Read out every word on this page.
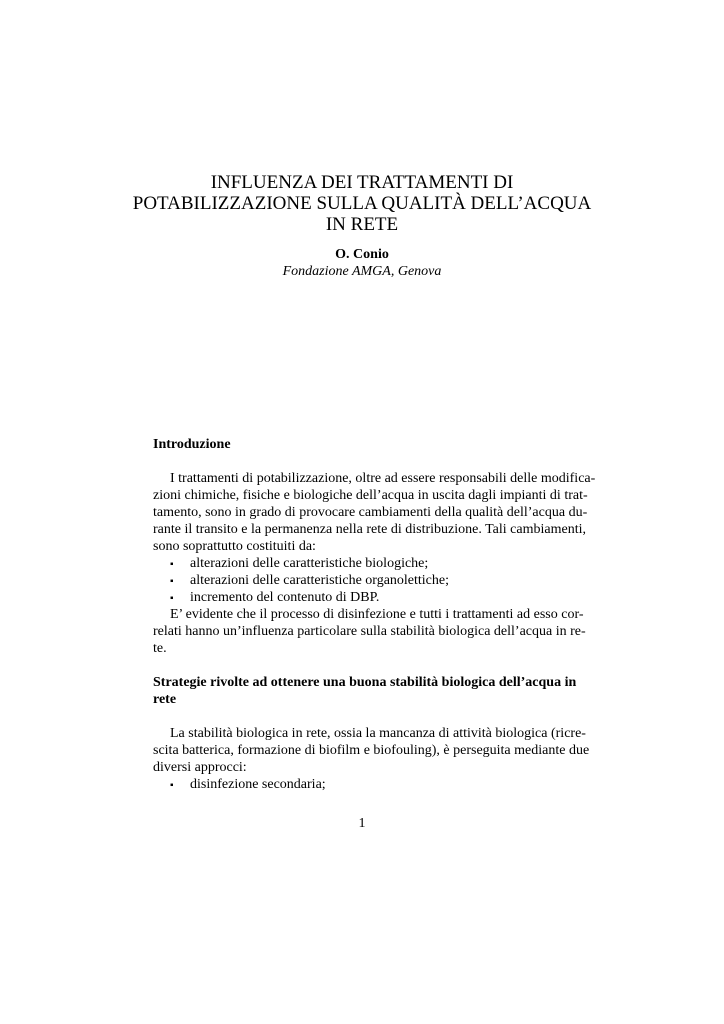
INFLUENZA DEI TRATTAMENTI DI
POTABILIZZAZIONE SULLA QUALITÀ DELL’ACQUA
IN RETE
O. Conio
Fondazione AMGA, Genova
Introduzione
I trattamenti di potabilizzazione, oltre ad essere responsabili delle modifica-
zioni chimiche, fisiche e biologiche dell’acqua in uscita dagli impianti di trat-
tamento, sono in grado di provocare cambiamenti della qualità dell’acqua du-
rante il transito e la permanenza nella rete di distribuzione. Tali cambiamenti,
sono soprattutto costituiti da:
▪	alterazioni delle caratteristiche biologiche;
▪	alterazioni delle caratteristiche organolettiche;
▪	incremento del contenuto di DBP.
E’ evidente che il processo di disinfezione e tutti i trattamenti ad esso cor-
relati hanno un’influenza particolare sulla stabilità biologica dell’acqua in re-
te.
Strategie rivolte ad ottenere una buona stabilità biologica dell’acqua in
rete
La stabilità biologica in rete, ossia la mancanza di attività biologica (ricre-
scita batterica, formazione di biofilm e biofouling), è perseguita mediante due
diversi approcci:
▪	disinfezione secondaria;
1
